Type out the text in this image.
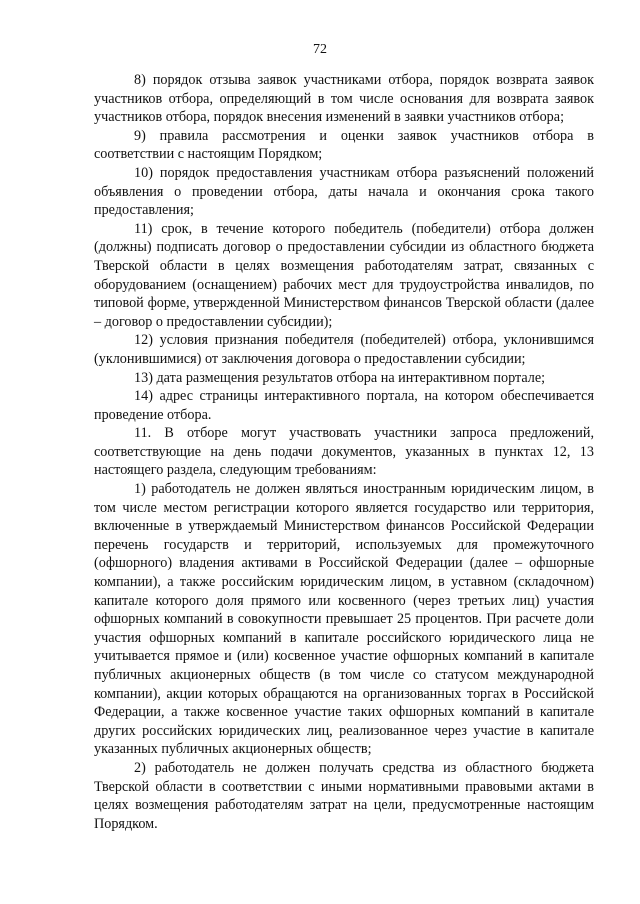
72

8) порядок отзыва заявок участниками отбора, порядок возврата заявок участников отбора, определяющий в том числе основания для возврата заявок участников отбора, порядок внесения изменений в заявки участников отбора;

9) правила рассмотрения и оценки заявок участников отбора в соответствии с настоящим Порядком;

10) порядок предоставления участникам отбора разъяснений положений объявления о проведении отбора, даты начала и окончания срока такого предоставления;

11) срок, в течение которого победитель (победители) отбора должен (должны) подписать договор о предоставлении субсидии из областного бюджета Тверской области в целях возмещения работодателям затрат, связанных с оборудованием (оснащением) рабочих мест для трудоустройства инвалидов, по типовой форме, утвержденной Министерством финансов Тверской области (далее – договор о предоставлении субсидии);

12) условия признания победителя (победителей) отбора, уклонившимся (уклонившимися) от заключения договора о предоставлении субсидии;

13) дата размещения результатов отбора на интерактивном портале;

14) адрес страницы интерактивного портала, на котором обеспечивается проведение отбора.

11. В отборе могут участвовать участники запроса предложений, соответствующие на день подачи документов, указанных в пунктах 12, 13 настоящего раздела, следующим требованиям:

1) работодатель не должен являться иностранным юридическим лицом, в том числе местом регистрации которого является государство или территория, включенные в утверждаемый Министерством финансов Российской Федерации перечень государств и территорий, используемых для промежуточного (офшорного) владения активами в Российской Федерации (далее – офшорные компании), а также российским юридическим лицом, в уставном (складочном) капитале которого доля прямого или косвенного (через третьих лиц) участия офшорных компаний в совокупности превышает 25 процентов. При расчете доли участия офшорных компаний в капитале российского юридического лица не учитывается прямое и (или) косвенное участие офшорных компаний в капитале публичных акционерных обществ (в том числе со статусом международной компании), акции которых обращаются на организованных торгах в Российской Федерации, а также косвенное участие таких офшорных компаний в капитале других российских юридических лиц, реализованное через участие в капитале указанных публичных акционерных обществ;

2) работодатель не должен получать средства из областного бюджета Тверской области в соответствии с иными нормативными правовыми актами в целях возмещения работодателям затрат на цели, предусмотренные настоящим Порядком.
